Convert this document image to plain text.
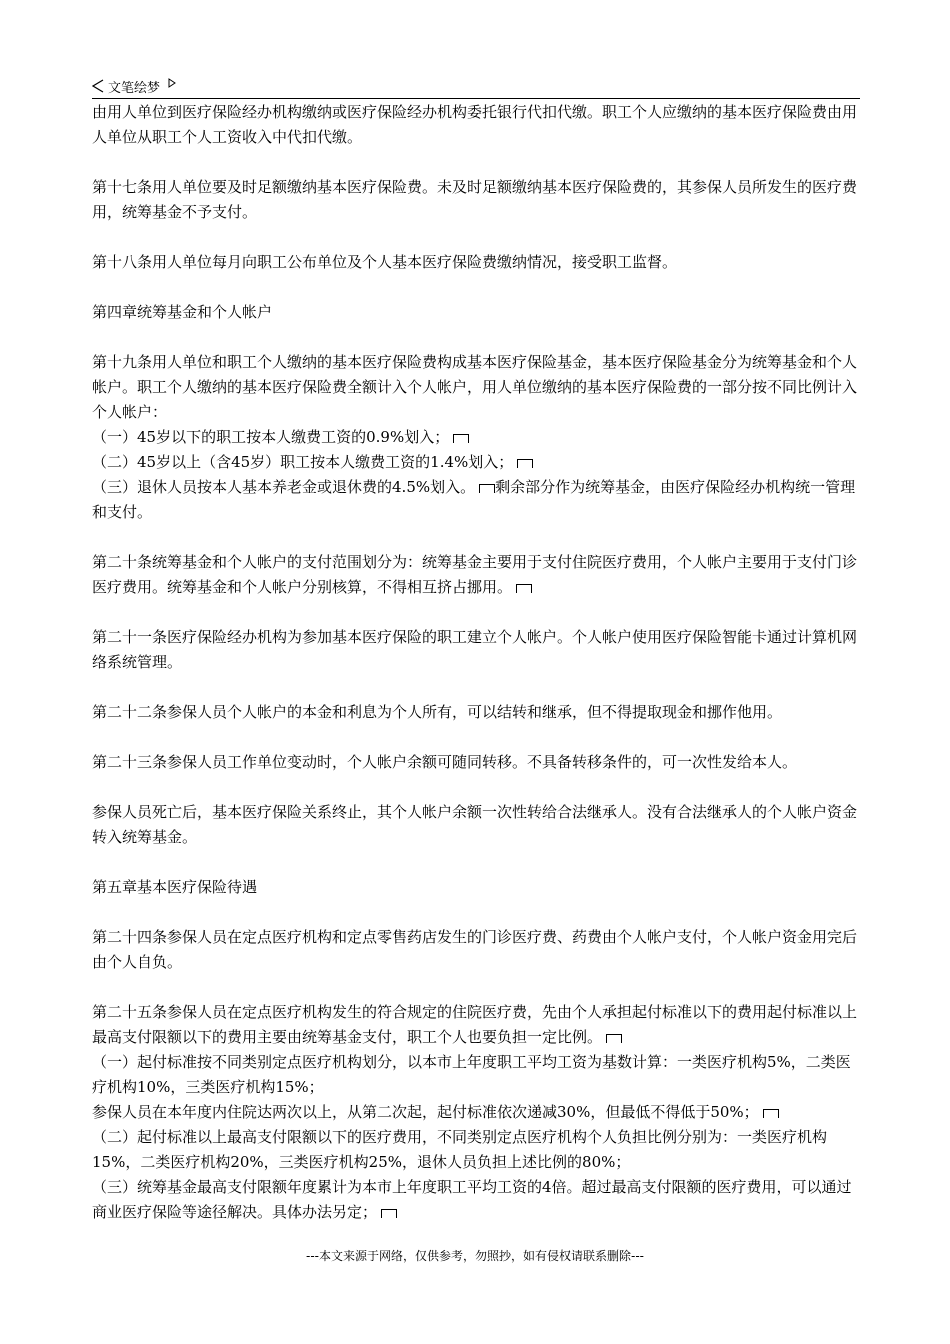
文笔绘梦

由用人单位到医疗保险经办机构缴纳或医疗保险经办机构委托银行代扣代缴。职工个人应缴纳的基本医疗保险费由用人单位从职工个人工资收入中代扣代缴。

第十七条用人单位要及时足额缴纳基本医疗保险费。未及时足额缴纳基本医疗保险费的，其参保人员所发生的医疗费用，统筹基金不予支付。

第十八条用人单位每月向职工公布单位及个人基本医疗保险费缴纳情况，接受职工监督。

第四章统筹基金和个人帐户

第十九条用人单位和职工个人缴纳的基本医疗保险费构成基本医疗保险基金，基本医疗保险基金分为统筹基金和个人帐户。职工个人缴纳的基本医疗保险费全额计入个人帐户，用人单位缴纳的基本医疗保险费的一部分按不同比例计入个人帐户：

（一）45岁以下的职工按本人缴费工资的0.9%划入；

（二）45岁以上（含45岁）职工按本人缴费工资的1.4%划入；

（三）退休人员按本人基本养老金或退休费的4.5%划入。 剩余部分作为统筹基金，由医疗保险经办机构统一管理和支付。

第二十条统筹基金和个人帐户的支付范围划分为：统筹基金主要用于支付住院医疗费用，个人帐户主要用于支付门诊医疗费用。统筹基金和个人帐户分别核算，不得相互挤占挪用。

第二十一条医疗保险经办机构为参加基本医疗保险的职工建立个人帐户。个人帐户使用医疗保险智能卡通过计算机网络系统管理。

第二十二条参保人员个人帐户的本金和利息为个人所有，可以结转和继承，但不得提取现金和挪作他用。

第二十三条参保人员工作单位变动时，个人帐户余额可随同转移。不具备转移条件的，可一次性发给本人。

参保人员死亡后，基本医疗保险关系终止，其个人帐户余额一次性转给合法继承人。没有合法继承人的个人帐户资金转入统筹基金。

第五章基本医疗保险待遇

第二十四条参保人员在定点医疗机构和定点零售药店发生的门诊医疗费、药费由个人帐户支付，个人帐户资金用完后由个人自负。

第二十五条参保人员在定点医疗机构发生的符合规定的住院医疗费，先由个人承担起付标准以下的费用起付标准以上最高支付限额以下的费用主要由统筹基金支付，职工个人也要负担一定比例。

（一）起付标准按不同类别定点医疗机构划分，以本市上年度职工平均工资为基数计算：一类医疗机构5%，二类医疗机构10%，三类医疗机构15%；

参保人员在本年度内住院达两次以上，从第二次起，起付标准依次递减30%，但最低不得低于50%；

（二）起付标准以上最高支付限额以下的医疗费用，不同类别定点医疗机构个人负担比例分别为：一类医疗机构15%，二类医疗机构20%，三类医疗机构25%，退休人员负担上述比例的80%；

（三）统筹基金最高支付限额年度累计为本市上年度职工平均工资的4倍。超过最高支付限额的医疗费用，可以通过商业医疗保险等途径解决。具体办法另定；

---本文来源于网络，仅供参考，勿照抄，如有侵权请联系删除---
